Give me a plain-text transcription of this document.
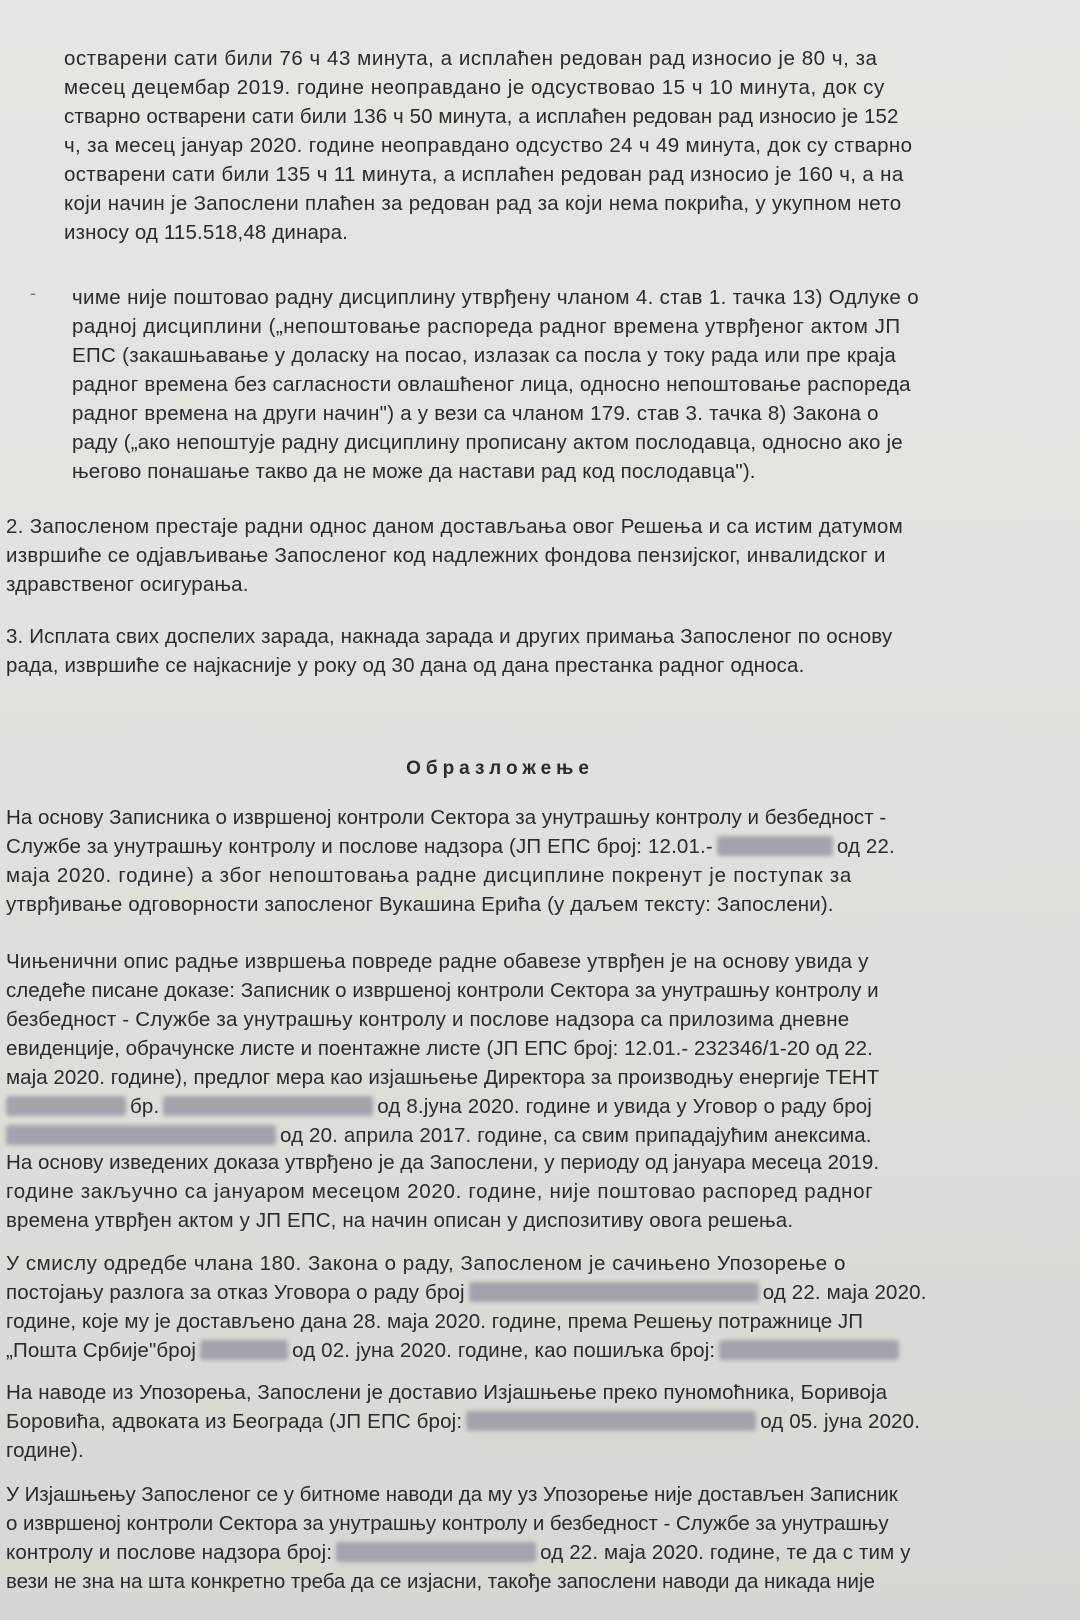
остварени сати били 76 ч 43 минута, а исплаћен редован рад износио је 80 ч, за
месец децембар 2019. године неоправдано је одсуствовао 15 ч 10 минута, док су
стварно остварени сати били 136 ч 50 минута, а исплаћен редован рад износио је 152
ч, за месец јануар 2020. године неоправдано одсуство 24 ч 49 минута, док су стварно
остварени сати били 135 ч 11 минута, а исплаћен редован рад износио је 160 ч, а на
који начин је Запослени плаћен за редован рад за који нема покрића, у укупном нето
износу од 115.518,48 динара.
- чиме није поштовао радну дисциплину утврђену чланом 4. став 1. тачка 13) Одлуке о
радној дисциплини („непоштовање распореда радног времена утврђеног актом ЈП
ЕПС (закашњавање у доласку на посао, излазак са посла у току рада или пре краја
радног времена без сагласности овлашћеног лица, односно непоштовање распореда
радног времена на други начин") а у вези са чланом 179. став 3. тачка 8) Закона о
раду („ако непоштује радну дисциплину прописану актом послодавца, односно ако је
његово понашање такво да не може да настави рад код послодавца").
2. Запосленом престаје радни однос даном достављања овог Решења и са истим датумом
извршиће се одјављивање Запосленог код надлежних фондова пензијског, инвалидског и
здравственог осигурања.
3. Исплата свих доспелих зарада, накнада зарада и других примања Запосленог по основу
рада, извршиће се најкасније у року од 30 дана од дана престанка радног односа.
Образложење
На основу Записника о извршеној контроли Сектора за унутрашњу контролу и безбедност -
Службе за унутрашњу контролу и послове надзора (ЈП ЕПС број: 12.01.-	од 22.
маја 2020. године) а због непоштовања радне дисциплине покренут је поступак за
утврђивање одговорности запосленог Вукашина Ерића (у даљем тексту: Запослени).
Чињенични опис радње извршења повреде радне обавезе утврђен је на основу увида у
следеће писане доказе: Записник о извршеној контроли Сектора за унутрашњу контролу и
безбедност - Службе за унутрашњу контролу и послове надзора са прилозима дневне
евиденције, обрачунске листе и поентажне листе (ЈП ЕПС број: 12.01.- 232346/1-20 од 22.
маја 2020. године), предлог мера као изјашњење Директора за производњу енергије ТЕНТ
бр.	од 8.јуна 2020. године и увида у Уговор о раду број
од 20. априла 2017. године, са свим припадајућим анексима.
На основу изведених доказа утврђено је да Запослени, у периоду од јануара месеца 2019.
године закључно са јануаром месецом 2020. године, није поштовао распоред радног
времена утврђен актом у ЈП ЕПС, на начин описан у диспозитиву овога решења.
У смислу одредбе члана 180. Закона о раду, Запосленом је сачињено Упозорење о
постојању разлога за отказ Уговора о раду број	од 22. маја 2020.
године, које му је достављено дана 28. маја 2020. године, према Решењу потражнице ЈП
„Пошта Србије"број	од 02. јуна 2020. године, као пошиљка број:
На наводе из Упозорења, Запослени је доставио Изјашњење преко пуномоћника, Боривоја
Боровића, адвоката из Београда (ЈП ЕПС број:	од 05. јуна 2020.
године).
У Изјашњењу Запосленог се у битноме наводи да му уз Упозорење није достављен Записник
о извршеној контроли Сектора за унутрашњу контролу и безбедност - Службе за унутрашњу
контролу и послове надзора број:	од 22. маја 2020. године, те да с тим у
вези не зна на шта конкретно треба да се изјасни, такође запослени наводи да никада није
